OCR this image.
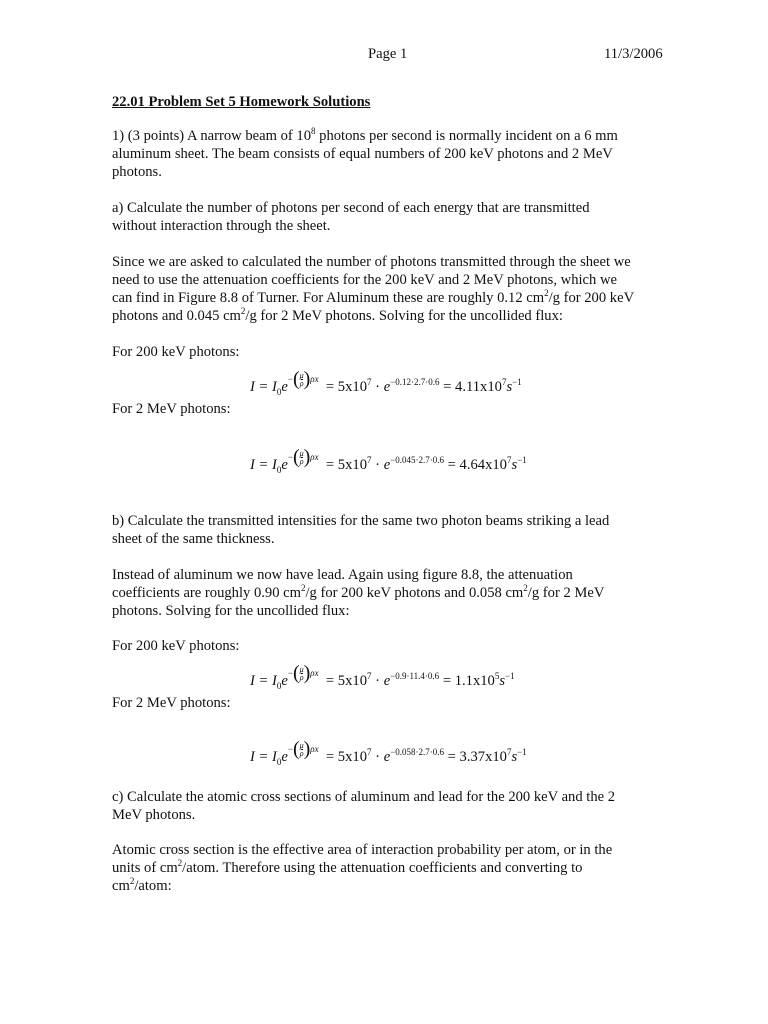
Page 1	11/3/2006
22.01 Problem Set 5 Homework Solutions
1) (3 points) A narrow beam of $10^8$ photons per second is normally incident on a 6 mm
aluminum sheet. The beam consists of equal numbers of 200 keV photons and 2 MeV
photons.
a) Calculate the number of photons per second of each energy that are transmitted
without interaction through the sheet.
Since we are asked to calculated the number of photons transmitted through the sheet we
need to use the attenuation coefficients for the 200 keV and 2 MeV photons, which we
can find in Figure 8.8 of Turner. For Aluminum these are roughly 0.12 $cm^2/g$ for 200 keV
photons and 0.045 $cm^2/g$ for 2 MeV photons. Solving for the uncollided flux:
For 200 keV photons:
$I = I_0e^{-( \frac{\mu}{\rho} )\rho x} = 5x10^7 \cdot e^{-0.12\cdot 2.7\cdot 0.6} = 4.11x10^7s^{-1}$
For 2 MeV photons:
$I = I_0e^{-( \frac{\mu}{\rho} )\rho x} = 5x10^7 \cdot e^{-0.045\cdot 2.7\cdot 0.6} = 4.64x10^7s^{-1}$
b) Calculate the transmitted intensities for the same two photon beams striking a lead
sheet of the same thickness.
Instead of aluminum we now have lead. Again using figure 8.8, the attenuation
coefficients are roughly 0.90 $cm^2/g$ for 200 keV photons and 0.058 $cm^2/g$ for 2 MeV
photons. Solving for the uncollided flux:
For 200 keV photons:
$I = I_0e^{-( \frac{\mu}{\rho} )\rho x} = 5x10^7 \cdot e^{-0.9\cdot 11.4\cdot 0.6} = 1.1x10^5s^{-1}$
For 2 MeV photons:
$I = I_0e^{-( \frac{\mu}{\rho} )\rho x} = 5x10^7 \cdot e^{-0.058\cdot 2.7\cdot 0.6} = 3.37x10^7s^{-1}$
c) Calculate the atomic cross sections of aluminum and lead for the 200 keV and the 2
MeV photons.
Atomic cross section is the effective area of interaction probability per atom, or in the
units of $cm^2$/atom. Therefore using the attenuation coefficients and converting to
$cm^2$/atom:
